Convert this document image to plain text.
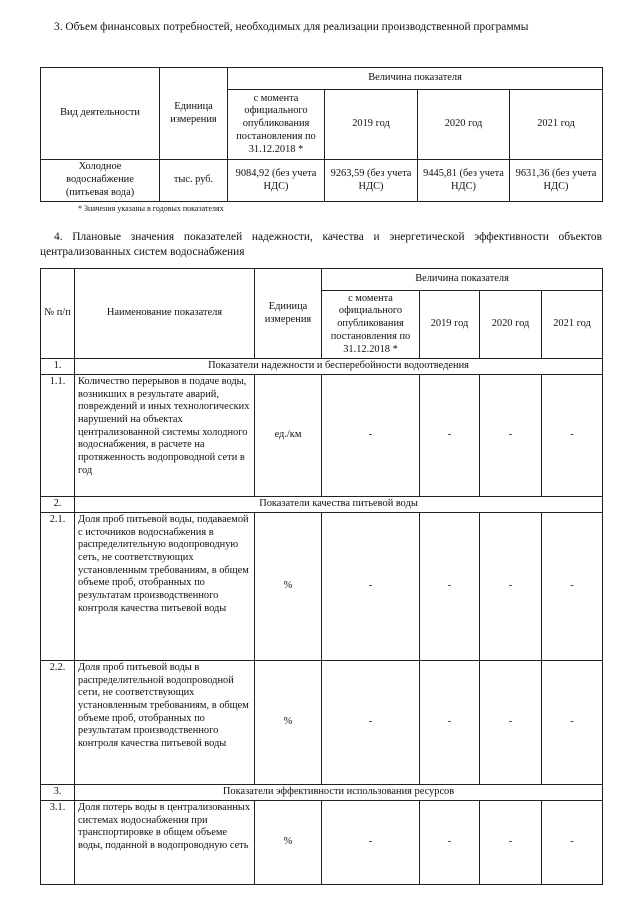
3. Объем финансовых потребностей, необходимых для реализации производственной программы
Вид деятельности	Единица измерения	Величина показателя			
		с момента официального опубликования постановления по 31.12.2018 *	2019 год	2020 год	2021 год
Холодное водоснабжение (питьевая вода)	тыс. руб.	9084,92 (без учета НДС)	9263,59 (без учета НДС)	9445,81 (без учета НДС)	9631,36 (без учета НДС)
* Значения указаны в годовых показателях
4. Плановые значения показателей надежности, качества и энергетической эффективности объектов централизованных систем водоснабжения
№ п/п	Наименование показателя	Единица измерения	Величина показателя			
			с момента официального опубликования постановления по 31.12.2018 *	2019 год	2020 год	2021 год
1.	Показатели надежности и бесперебойности водоотведения					
1.1.	Количество перерывов в подаче воды, возникших в результате аварий, повреждений и иных технологических нарушений на объектах централизованной системы холодного водоснабжения, в расчете на протяженность водопроводной сети в год	ед./км	-	-	-	-
2.	Показатели качества питьевой воды					
2.1.	Доля проб питьевой воды, подаваемой с источников водоснабжения в распределительную водопроводную сеть, не соответствующих установленным требованиям, в общем объеме проб, отобранных по результатам производственного контроля качества питьевой воды	%	-	-	-	-
2.2.	Доля проб питьевой воды в распределительной водопроводной сети, не соответствующих установленным требованиям, в общем объеме проб, отобранных по результатам производственного контроля качества питьевой воды	%	-	-	-	-
3.	Показатели эффективности использования ресурсов					
3.1.	Доля потерь воды в централизованных системах водоснабжения при транспортировке в общем объеме воды, поданной в водопроводную сеть	%	-	-	-	-
